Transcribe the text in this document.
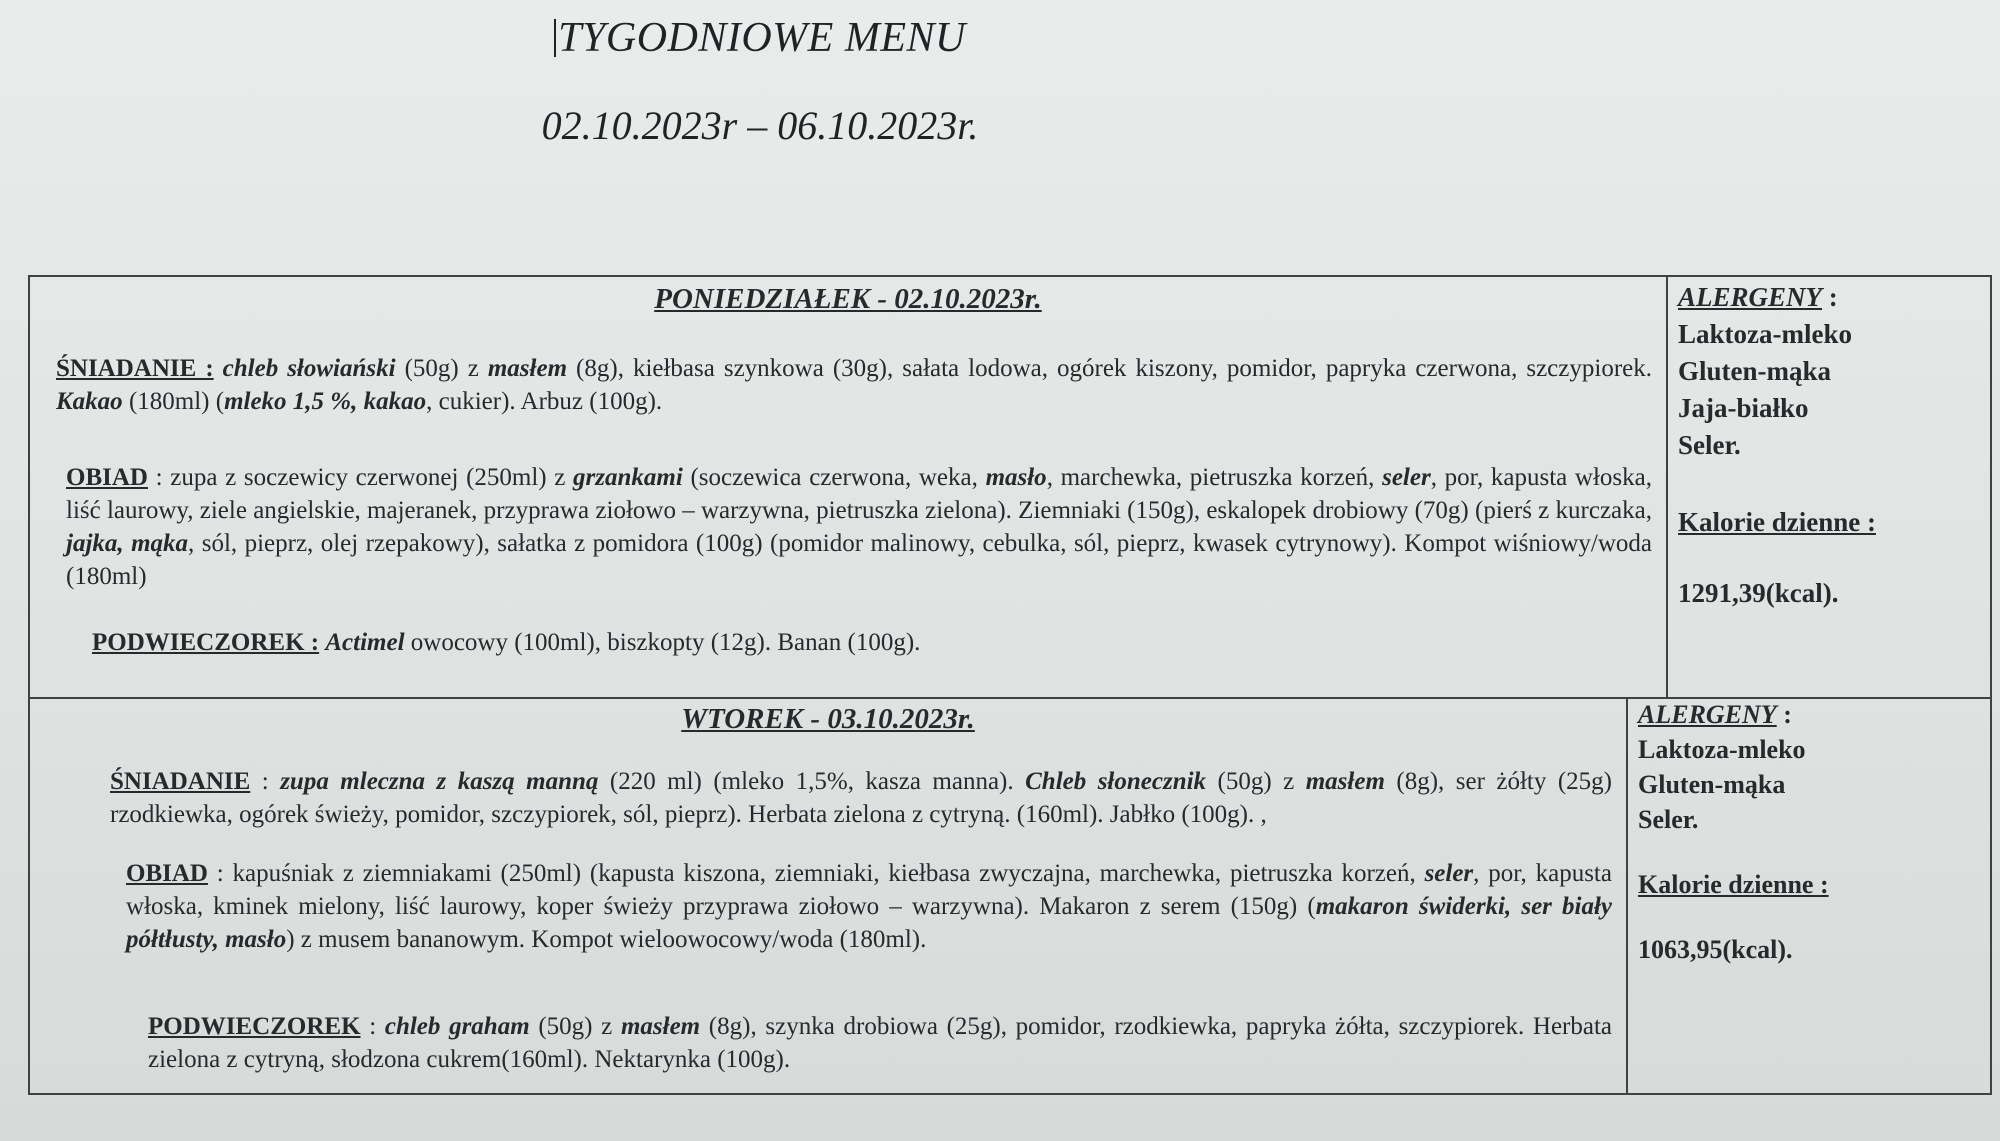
TYGODNIOWE MENU
02.10.2023r – 06.10.2023r.
PONIEDZIAŁEK - 02.10.2023r.
ŚNIADANIE : chleb słowiański (50g) z masłem (8g), kiełbasa szynkowa (30g), sałata lodowa, ogórek kiszony, pomidor, papryka czerwona, szczypiorek. Kakao (180ml) (mleko 1,5 %, kakao, cukier). Arbuz (100g).
OBIAD : zupa z soczewicy czerwonej (250ml) z grzankami (soczewica czerwona, weka, masło, marchewka, pietruszka korzeń, seler, por, kapusta włoska, liść laurowy, ziele angielskie, majeranek, przyprawa ziołowo – warzywna, pietruszka zielona). Ziemniaki (150g), eskalopek drobiowy (70g) (pierś z kurczaka, jajka, mąka, sól, pieprz, olej rzepakowy), sałatka z pomidora (100g) (pomidor malinowy, cebulka, sól, pieprz, kwasek cytrynowy). Kompot wiśniowy/woda (180ml)
PODWIECZOREK : Actimel owocowy (100ml), biszkopty (12g). Banan (100g).
ALERGENY :
Laktoza-mleko
Gluten-mąka
Jaja-białko
Seler.
Kalorie dzienne :
1291,39(kcal).
WTOREK - 03.10.2023r.
ŚNIADANIE : zupa mleczna z kaszą manną (220 ml) (mleko 1,5%, kasza manna). Chleb słonecznik (50g) z masłem (8g), ser żółty (25g) rzodkiewka, ogórek świeży, pomidor, szczypiorek, sól, pieprz). Herbata zielona z cytryną. (160ml). Jabłko (100g). ,
OBIAD : kapuśniak z ziemniakami (250ml) (kapusta kiszona, ziemniaki, kiełbasa zwyczajna, marchewka, pietruszka korzeń, seler, por, kapusta włoska, kminek mielony, liść laurowy, koper świeży przyprawa ziołowo – warzywna). Makaron z serem (150g) (makaron świderki, ser biały półtłusty, masło) z musem bananowym. Kompot wieloowocowy/woda (180ml).
PODWIECZOREK : chleb graham (50g) z masłem (8g), szynka drobiowa (25g), pomidor, rzodkiewka, papryka żółta, szczypiorek. Herbata zielona z cytryną, słodzona cukrem(160ml). Nektarynka (100g).
ALERGENY :
Laktoza-mleko
Gluten-mąka
Seler.
Kalorie dzienne :
1063,95(kcal).
